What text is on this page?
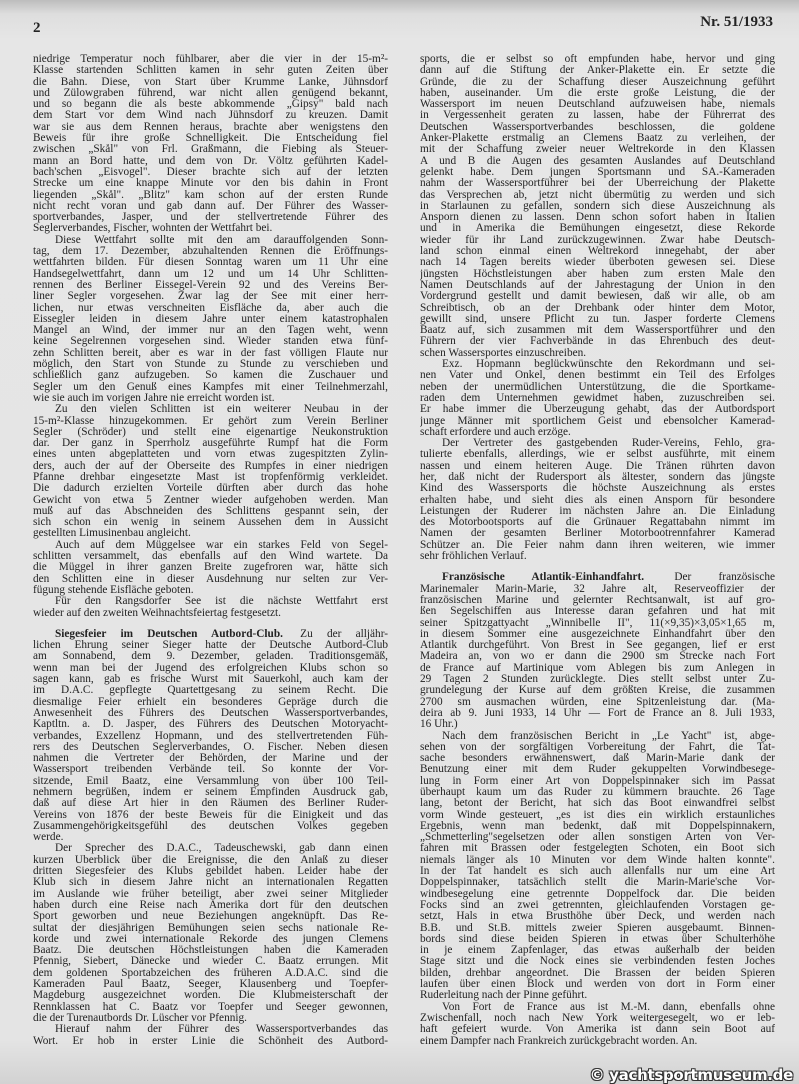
2	Nr. 51/1933
niedrige Temperatur noch fühlbarer, aber die vier in der 15-m²-
Klasse startenden Schlitten kamen in sehr guten Zeiten über
die Bahn. Diese, von Start über Krumme Lanke, Jühnsdorf
und Zülowgraben führend, war nicht allen genügend bekannt,
und so begann die als beste abkommende „Gipsy" bald nach
dem Start vor dem Wind nach Jühnsdorf zu kreuzen. Damit
war sie aus dem Rennen heraus, brachte aber wenigstens den
Beweis für ihre große Schnelligkeit. Die Entscheidung fiel
zwischen „Skål" von Frl. Graßmann, die Fiebing als Steuer-
mann an Bord hatte, und dem von Dr. Völtz geführten Kadel-
bach'schen „Eisvogel". Dieser brachte sich auf der letzten
Strecke um eine knappe Minute vor den bis dahin in Front
liegenden „Skål". „Blitz" kam schon auf der ersten Runde
nicht recht voran und gab dann auf. Der Führer des Wasser-
sportverbandes, Jasper, und der stellvertretende Führer des
Seglerverbandes, Fischer, wohnten der Wettfahrt bei.
Diese Wettfahrt sollte mit den am darauffolgenden Sonn-
tag, dem 17. Dezember, abzuhaltenden Rennen die Eröffnungs-
wettfahrten bilden. Für diesen Sonntag waren um 11 Uhr eine
Handsegelwettfahrt, dann um 12 und um 14 Uhr Schlitten-
rennen des Berliner Eissegel-Verein 92 und des Vereins Ber-
liner Segler vorgesehen. Zwar lag der See mit einer herr-
lichen, nur etwas verschneiten Eisfläche da, aber auch die
Eissegler leiden in diesem Jahre unter einem katastrophalen
Mangel an Wind, der immer nur an den Tagen weht, wenn
keine Segelrennen vorgesehen sind. Wieder standen etwa fünf-
zehn Schlitten bereit, aber es war in der fast völligen Flaute nur
möglich, den Start von Stunde zu Stunde zu verschieben und
schließlich ganz aufzugeben. So kamen die Zuschauer und
Segler um den Genuß eines Kampfes mit einer Teilnehmerzahl,
wie sie auch im vorigen Jahre nie erreicht worden ist.
Zu den vielen Schlitten ist ein weiterer Neubau in der
15-m²-Klasse hinzugekommen. Er gehört zum Verein Berliner
Segler (Schröder) und stellt eine eigenartige Neukonstruktion
dar. Der ganz in Sperrholz ausgeführte Rumpf hat die Form
eines unten abgeplatteten und vorn etwas zugespitzten Zylin-
ders, auch der auf der Oberseite des Rumpfes in einer niedrigen
Pfanne drehbar eingesetzte Mast ist tropfenförmig verkleidet.
Die dadurch erzielten Vorteile dürften aber durch das hohe
Gewicht von etwa 5 Zentner wieder aufgehoben werden. Man
muß auf das Abschneiden des Schlittens gespannt sein, der
sich schon ein wenig in seinem Aussehen dem in Aussicht
gestellten Limusinenbau angleicht.
Auch auf dem Müggelsee war ein starkes Feld von Segel-
schlitten versammelt, das ebenfalls auf den Wind wartete. Da
die Müggel in ihrer ganzen Breite zugefroren war, hätte sich
den Schlitten eine in dieser Ausdehnung nur selten zur Ver-
fügung stehende Eisfläche geboten.
Für den Rangsdorfer See ist die nächste Wettfahrt erst
wieder auf den zweiten Weihnachtsfeiertag festgesetzt.
Siegesfeier im Deutschen Autbord-Club. Zu der alljähr-
lichen Ehrung seiner Sieger hatte der Deutsche Autbord-Club
am Sonnabend, dem 9. Dezember, geladen. Traditionsgemäß,
wenn man bei der Jugend des erfolgreichen Klubs schon so
sagen kann, gab es frische Wurst mit Sauerkohl, auch kam der
im D.A.C. gepflegte Quartettgesang zu seinem Recht. Die
diesmalige Feier erhielt ein besonderes Gepräge durch die
Anwesenheit des Führers des Deutschen Wassersportverbandes,
Kaptltn. a. D. Jasper, des Führers des Deutschen Motoryacht-
verbandes, Exzellenz Hopmann, und des stellvertretenden Füh-
rers des Deutschen Seglerverbandes, O. Fischer. Neben diesen
nahmen die Vertreter der Behörden, der Marine und der
Wassersport treibenden Verbände teil. So konnte der Vor-
sitzende, Emil Baatz, eine Versammlung von über 100 Teil-
nehmern begrüßen, indem er seinem Empfinden Ausdruck gab,
daß auf diese Art hier in den Räumen des Berliner Ruder-
Vereins von 1876 der beste Beweis für die Einigkeit und das
Zusammengehörigkeitsgefühl des deutschen Volkes gegeben
werde.
Der Sprecher des D.A.C., Tadeuschewski, gab dann einen
kurzen Überblick über die Ereignisse, die den Anlaß zu dieser
dritten Siegesfeier des Klubs gebildet haben. Leider habe der
Klub sich in diesem Jahre nicht an internationalen Regatten
im Auslande wie früher beteiligt, aber zwei seiner Mitglieder
haben durch eine Reise nach Amerika dort für den deutschen
Sport geworben und neue Beziehungen angeknüpft. Das Re-
sultat der diesjährigen Bemühungen seien sechs nationale Re-
korde und zwei internationale Rekorde des jungen Clemens
Baatz. Die deutschen Höchstleistungen haben die Kameraden
Pfennig, Siebert, Dänecke und wieder C. Baatz errungen. Mit
dem goldenen Sportabzeichen des früheren A.D.A.C. sind die
Kameraden Paul Baatz, Seeger, Klausenberg und Toepfer-
Magdeburg ausgezeichnet worden. Die Klubmeisterschaft der
Rennklassen hat C. Baatz vor Toepfer und Seeger gewonnen,
die der Turenautbords Dr. Lüscher vor Pfennig.
Hierauf nahm der Führer des Wassersportverbandes das
Wort. Er hob in erster Linie die Schönheit des Autbord-
sports, die er selbst so oft empfunden habe, hervor und ging
dann auf die Stiftung der Anker-Plakette ein. Er setzte die
Gründe, die zu der Schaffung dieser Auszeichnung geführt
haben, auseinander. Um die erste große Leistung, die der
Wassersport im neuen Deutschland aufzuweisen habe, niemals
in Vergessenheit geraten zu lassen, habe der Führerrat des
Deutschen Wassersportverbandes beschlossen, die goldene
Anker-Plakette erstmalig an Clemens Baatz zu verleihen, der
mit der Schaffung zweier neuer Weltrekorde in den Klassen
A und B die Augen des gesamten Auslandes auf Deutschland
gelenkt habe. Dem jungen Sportsmann und SA.-Kameraden
nahm der Wassersportführer bei der Überreichung der Plakette
das Versprechen ab, jetzt nicht übermütig zu werden und sich
in Starlaunen zu gefallen, sondern sich diese Auszeichnung als
Ansporn dienen zu lassen. Denn schon sofort haben in Italien
und in Amerika die Bemühungen eingesetzt, diese Rekorde
wieder für ihr Land zurückzugewinnen. Zwar habe Deutsch-
land schon einmal einen Weltrekord innegehabt, der aber
nach 14 Tagen bereits wieder überboten gewesen sei. Diese
jüngsten Höchstleistungen aber haben zum ersten Male den
Namen Deutschlands auf der Jahrestagung der Union in den
Vordergrund gestellt und damit bewiesen, daß wir alle, ob am
Schreibtisch, ob an der Drehbank oder hinter dem Motor,
gewillt sind, unsere Pflicht zu tun. Jasper forderte Clemens
Baatz auf, sich zusammen mit dem Wassersportführer und den
Führern der vier Fachverbände in das Ehrenbuch des deut-
schen Wassersportes einzuschreiben.
Exz. Hopmann beglückwünschte den Rekordmann und sei-
nen Vater und Onkel, denen bestimmt ein Teil des Erfolges
neben der unermüdlichen Unterstützung, die die Sportkame-
raden dem Unternehmen gewidmet haben, zuzuschreiben sei.
Er habe immer die Überzeugung gehabt, das der Autbordsport
junge Männer mit sportlichem Geist und ebensolcher Kamerad-
schaft erfordere und auch erzöge.
Der Vertreter des gastgebenden Ruder-Vereins, Fehlo, gra-
tulierte ebenfalls, allerdings, wie er selbst ausführte, mit einem
nassen und einem heiteren Auge. Die Tränen rührten davon
her, daß nicht der Rudersport als ältester, sondern das jüngste
Kind des Wassersports die höchste Auszeichnung als erstes
erhalten habe, und sieht dies als einen Ansporn für besondere
Leistungen der Ruderer im nächsten Jahre an. Die Einladung
des Motorbootsports auf die Grünauer Regattabahn nimmt im
Namen der gesamten Berliner Motorbootrennfahrer Kamerad
Schützer an. Die Feier nahm dann ihren weiteren, wie immer
sehr fröhlichen Verlauf.
Französische Atlantik-Einhandfahrt.	Der französische
Marinemaler Marin-Marie, 32 Jahre alt, Reserveoffizier der
französischen Marine und gelernter Rechtsanwalt, ist auf gro-
ßen Segelschiffen aus Interesse daran gefahren und hat mit
seiner Spitzgattyacht „Winnibelle II", 11(×9,35)×3,05×1,65 m,
in diesem Sommer eine ausgezeichnete Einhandfahrt über den
Atlantik durchgeführt. Von Brest in See gegangen, lief er erst
Madeira an, von wo er dann die 2900 sm Strecke nach Fort
de France auf Martinique vom Ablegen bis zum Anlegen in
29 Tagen 2 Stunden zurücklegte. Dies stellt selbst unter Zu-
grundelegung der Kurse auf dem größten Kreise, die zusammen
2700 sm ausmachen würden, eine Spitzenleistung dar. (Ma-
deira ab 9. Juni 1933, 14 Uhr — Fort de France an 8. Juli 1933,
16 Uhr.)
Nach dem französischen Bericht in „Le Yacht" ist, abge-
sehen von der sorgfältigen Vorbereitung der Fahrt, die Tat-
sache besonders erwähnenswert, daß Marin-Marie dank der
Benutzung einer mit dem Ruder gekuppelten Vorwindbesege-
lung in Form einer Art von Doppelspinnaker sich im Passat
überhaupt kaum um das Ruder zu kümmern brauchte. 26 Tage
lang, betont der Bericht, hat sich das Boot einwandfrei selbst
vorm Winde gesteuert, „es ist dies ein wirklich erstaunliches
Ergebnis, wenn man bedenkt, daß mit Doppelspinnakern,
„Schmetterling"segelsetzen oder allen sonstigen Arten von Ver-
fahren mit Brassen oder festgelegten Schoten, ein Boot sich
niemals länger als 10 Minuten vor dem Winde halten konnte".
In der Tat handelt es sich auch allenfalls nur um eine Art
Doppelspinnaker, tatsächlich stellt die Marin-Marie'sche Vor-
windbesegelung eine getrennte Doppelfock dar. Die beiden
Focks sind an zwei getrennten, gleichlaufenden Vorstagen ge-
setzt, Hals in etwa Brusthöhe über Deck, und werden nach
B.B. und St.B. mittels zweier Spieren ausgebaumt. Binnen-
bords sind diese beiden Spieren in etwas über Schulterhöhe
in je einem Zapfenlager, das etwas außerhalb der beiden
Stage sitzt und die Nock eines sie verbindenden festen Joches
bilden, drehbar angeordnet. Die Brassen der beiden Spieren
laufen über einen Block und werden von dort in Form einer
Ruderleitung nach der Pinne geführt.
Von Fort de France aus ist M.-M. dann, ebenfalls ohne
Zwischenfall, noch nach New York weitergesegelt, wo er leb-
haft gefeiert wurde. Von Amerika ist dann sein Boot auf
einem Dampfer nach Frankreich zurückgebracht worden. An.
© yachtsportmuseum.de
